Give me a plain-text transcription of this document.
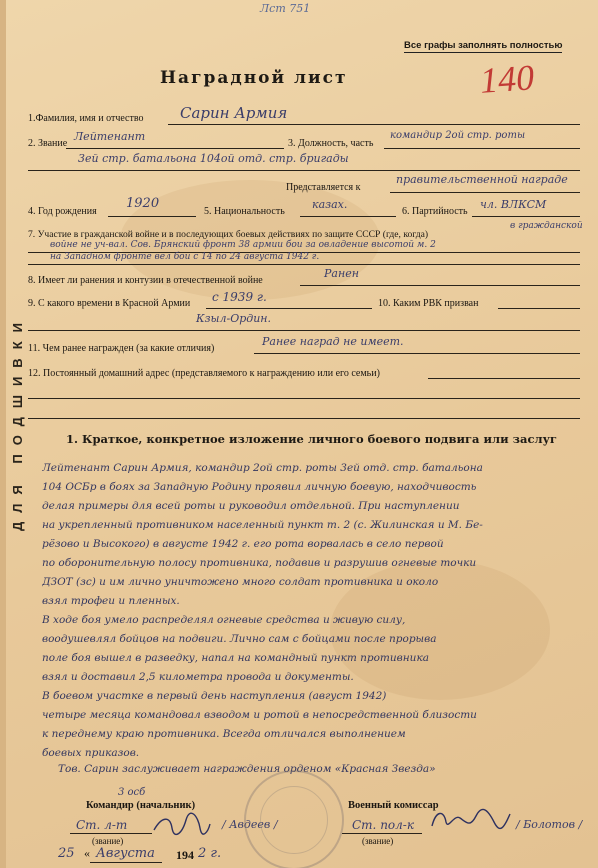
Лст 751
Все графы заполнять полностью
Наградной лист	140
ДЛЯ ПОДШИВКИ
1.Фамилия, имя и отчество Сарин Армия
2. Звание
Лейтенант
3. Должность, часть
командир 2ой стр. роты
3ей стр. батальона 104ой отд. стр. бригады
Представляется к
правительственной награде
4. Год рождения
1920
5. Национальность
казах.
6. Партийность
чл. ВЛКСМ
7. Участие в гражданской войне и в последующих боевых действиях по защите СССР (где, когда)
в гражданской
войне не уч-вал. Сов. Брянский фронт 38 армии бои за овладение высотой м. 2
на Западном фронте вел бои с 14 по 24 августа 1942 г.
8. Имеет ли ранения и контузии в отечественной войне
Ранен
9. С какого времени в Красной Армии с 1939 г.	10. Каким РВК призван
Кзыл-Ордин.
11. Чем ранее награжден (за какие отличия)
Ранее наград не имеет.
12. Постоянный домашний адрес (представляемого к награждению или его семьи)
1. Краткое, конкретное изложение личного боевого подвига или заслуг
Лейтенант Сарин Армия, командир 2ой стр. роты 3ей отд. стр. батальона
104 ОСБр в боях за Западную Родину проявил личную боевую, находчивость
делая примеры для всей роты и руководил отдельной. При наступлении
на укрепленный противником населенный пункт т. 2 (с. Жилинская и М. Бе-
рёзово и Высокого) в августе 1942 г. его рота ворвалась в село первой
по оборонительную полосу противника, подавив и разрушив огневые точки
ДЗОТ (зс) и им лично уничтожено много солдат противника и около
взял трофеи и пленных.
В ходе боя умело распределял огневые средства и живую силу,
воодушевлял бойцов на подвиги. Лично сам с бойцами после прорыва
поле боя вышел в разведку, напал на командный пункт противника
взял и доставил 2,5 километра провода и документы.
В боевом участке в первый день наступления (август 1942)
четыре месяца командовал взводом и ротой в непосредственной близости
к переднему краю противника. Всегда отличался выполнением
боевых приказов.
Тов. Сарин заслуживает награждения орденом «Красная Звезда»
Командир (начальник)
3 осб
Ст. л-т
(звание)
/ Авдеев /
Военный комиссар
Ст. пол-к
(звание)
/ Болотов /
25 « Августа 194 2 г.
